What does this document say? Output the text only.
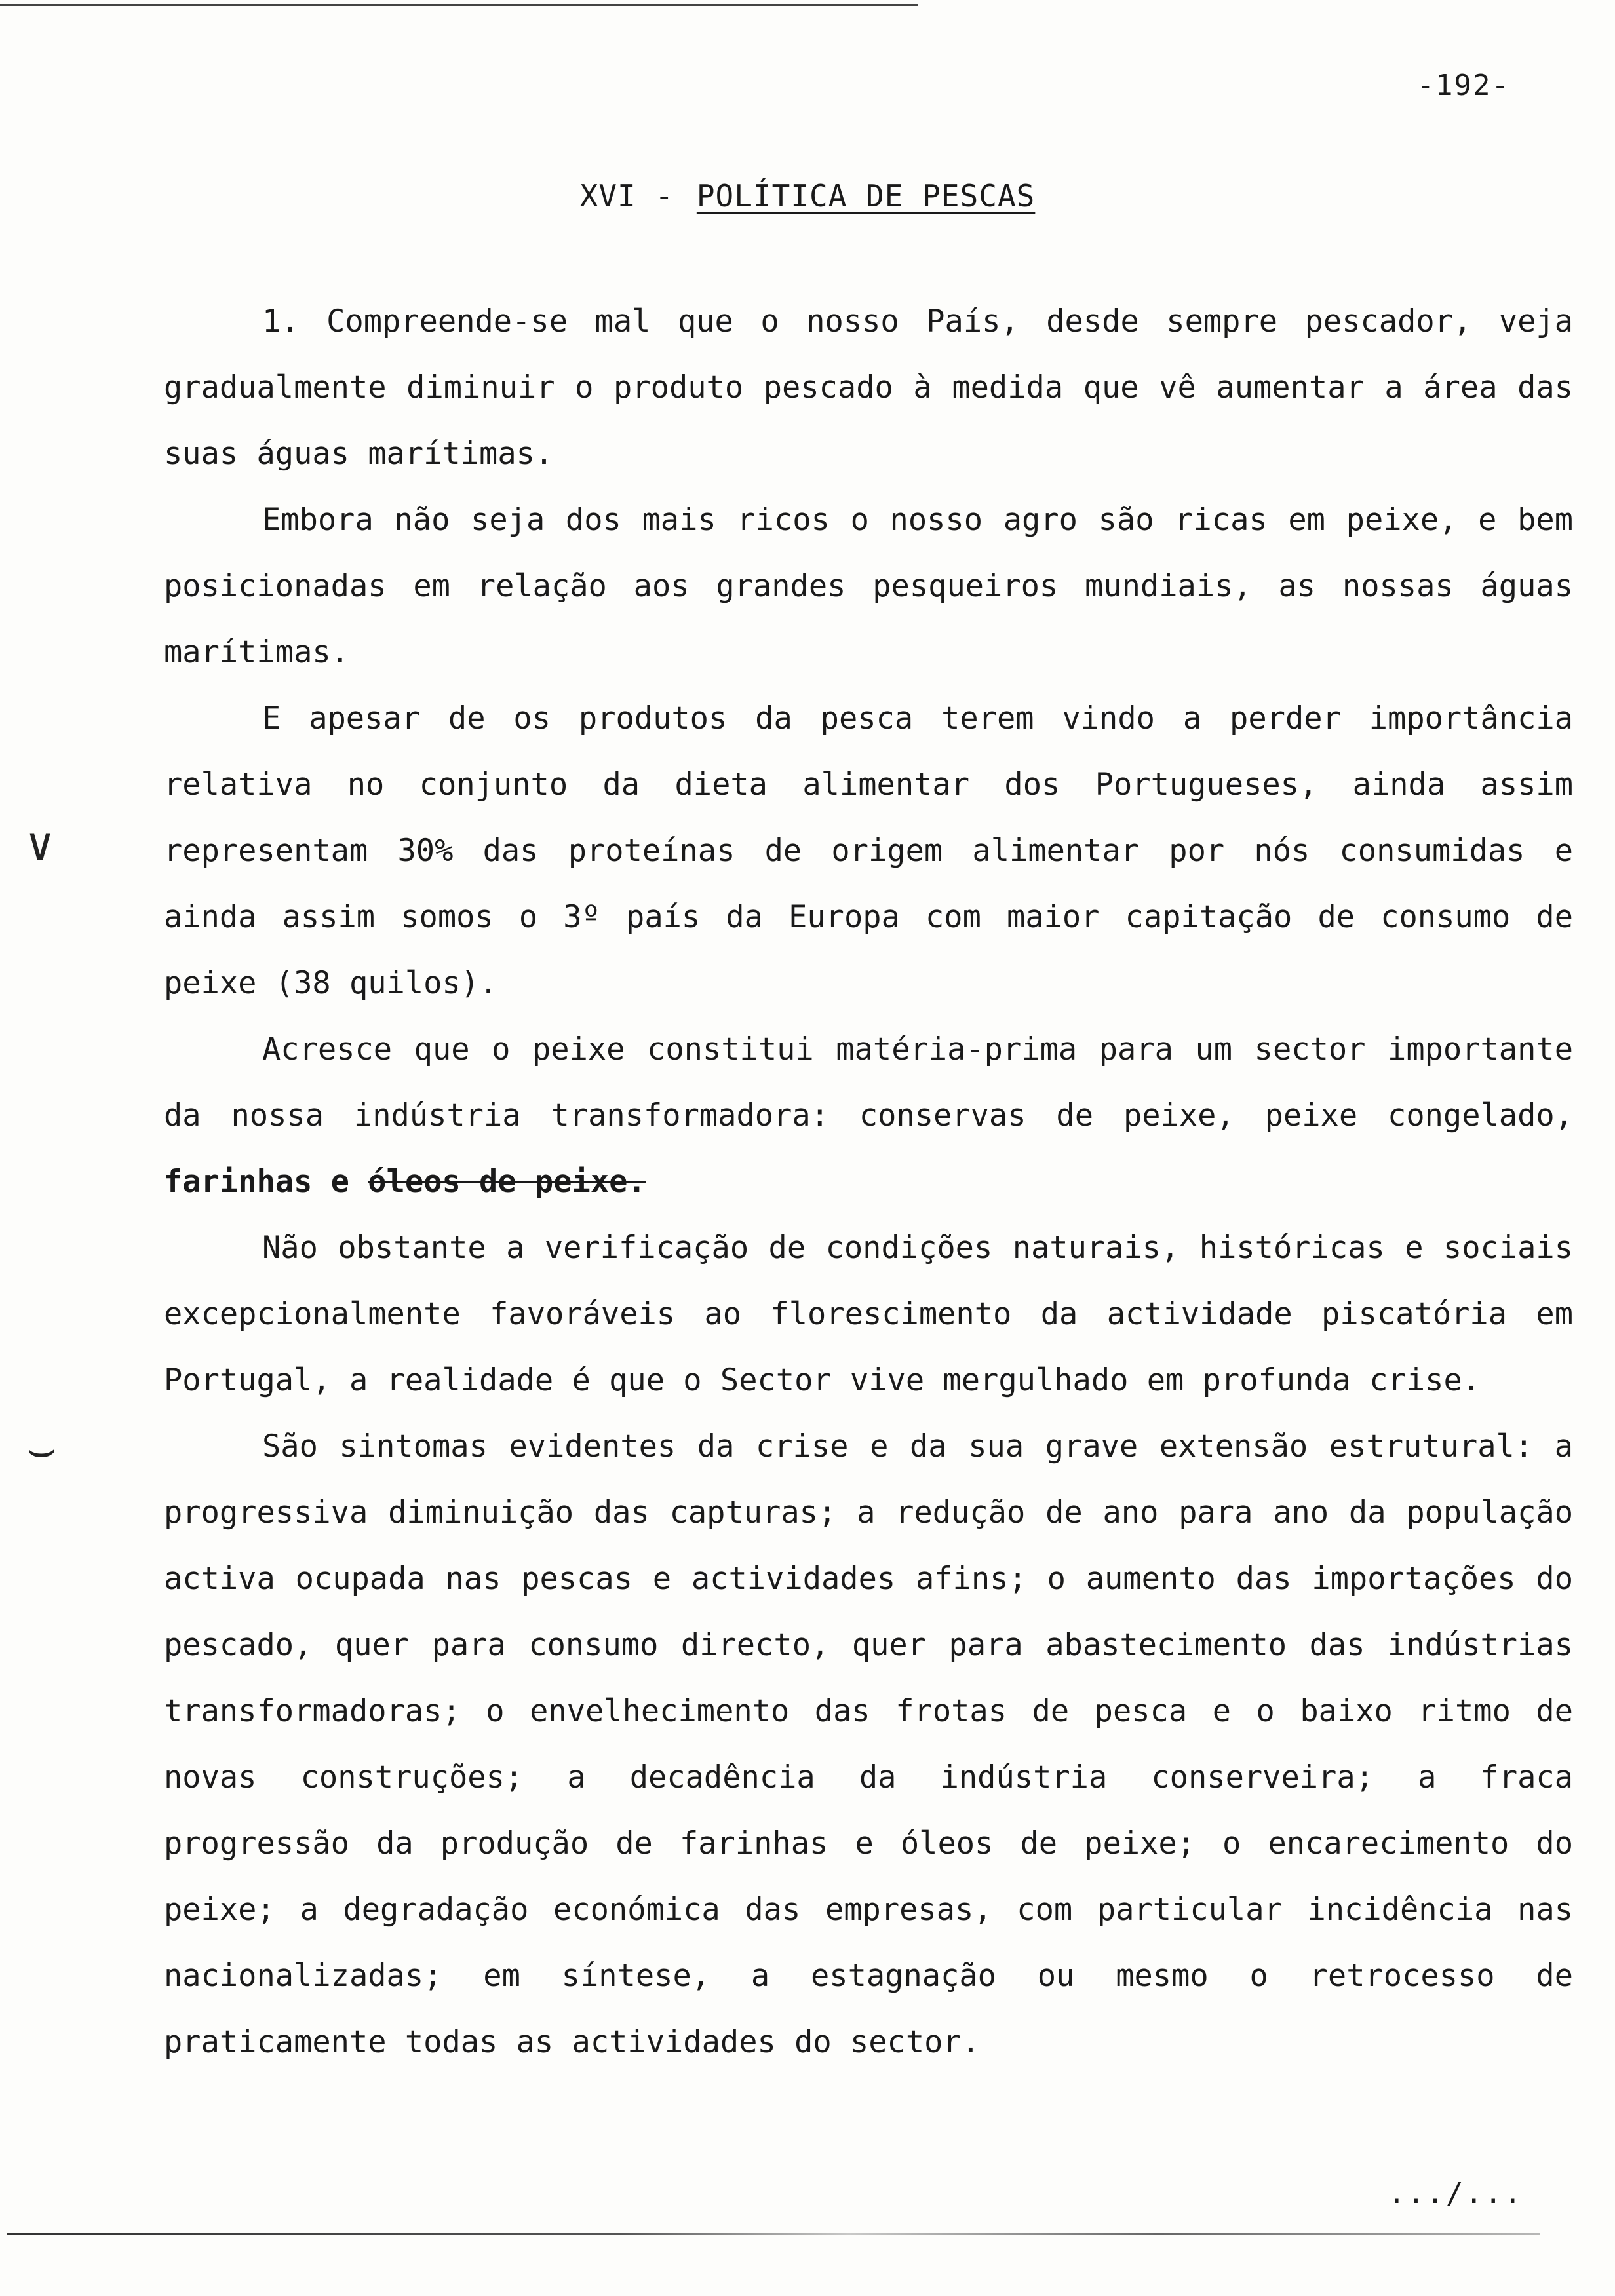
-192-
XVI - POLÍTICA DE PESCAS
∨
⌣

1. Compreende-se mal que o nosso País, desde sempre pescador, veja gradualmente diminuir o produto pescado à medida que vê aumentar a área das suas águas marítimas.

Embora não seja dos mais ricos o nosso agro são ricas em peixe, e bem posicionadas em relação aos grandes pesqueiros mundiais, as nossas águas marítimas.

E apesar de os produtos da pesca terem vindo a perder importância relativa no conjunto da dieta alimentar dos Portugueses, ainda assim representam 30% das proteínas de origem alimentar por nós consumidas e ainda assim somos o 3º país da Europa com maior capitação de consumo de peixe (38 quilos).

Acresce que o peixe constitui matéria-prima para um sector importante da nossa indústria transformadora: conservas de peixe, peixe congelado, farinhas e óleos de peixe.

Não obstante a verificação de condições naturais, históricas e sociais excepcionalmente favoráveis ao florescimento da actividade piscatória em Portugal, a realidade é que o Sector vive mergulhado em profunda crise.

São sintomas evidentes da crise e da sua grave extensão estrutural: a progressiva diminuição das capturas; a redução de ano para ano da população activa ocupada nas pescas e actividades afins; o aumento das importações do pescado, quer para consumo directo, quer para abastecimento das indústrias transformadoras; o envelhecimento das frotas de pesca e o baixo ritmo de novas construções; a decadência da indústria conserveira; a fraca progressão da produção de farinhas e óleos de peixe; o encarecimento do peixe; a degradação económica das empresas, com particular incidência nas nacionalizadas; em síntese, a estagnação ou mesmo o retrocesso de praticamente todas as actividades do sector.

.../...
